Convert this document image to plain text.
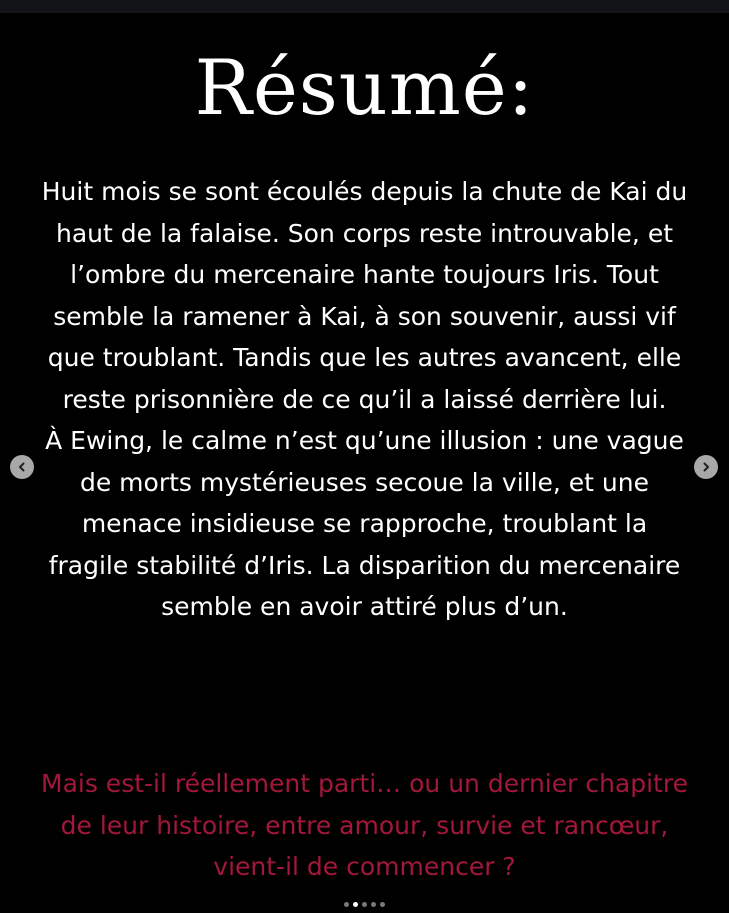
Résumé:

Huit mois se sont écoulés depuis la chute de Kai du haut de la falaise. Son corps reste introuvable, et l’ombre du mercenaire hante toujours Iris. Tout semble la ramener à Kai, à son souvenir, aussi vif que troublant. Tandis que les autres avancent, elle reste prisonnière de ce qu’il a laissé derrière lui.

À Ewing, le calme n’est qu’une illusion : une vague de morts mystérieuses secoue la ville, et une menace insidieuse se rapproche, troublant la fragile stabilité d’Iris. La disparition du mercenaire semble en avoir attiré plus d’un.

Mais est-il réellement parti… ou un dernier chapitre de leur histoire, entre amour, survie et rancœur, vient-il de commencer ?
